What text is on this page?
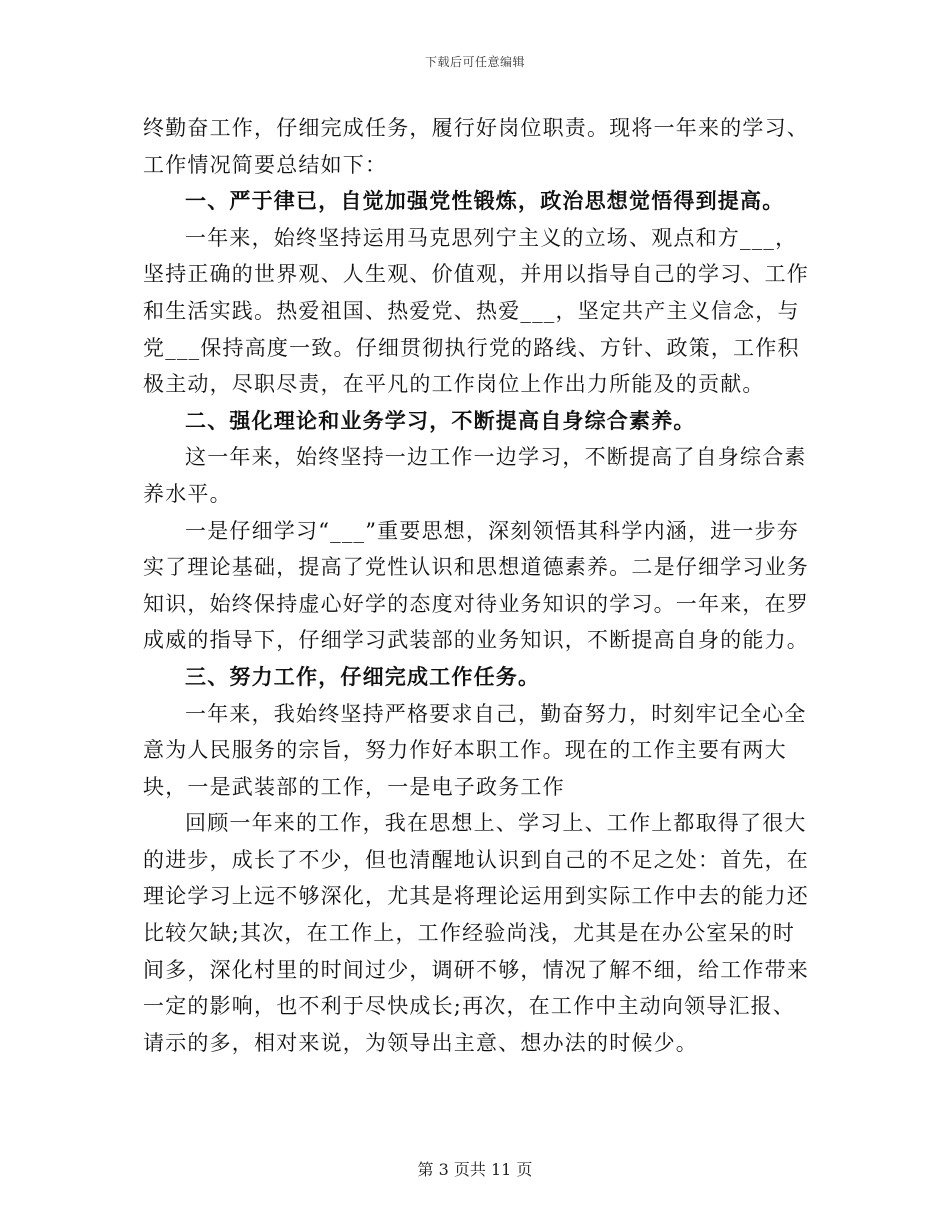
下载后可任意编辑

终勤奋工作，仔细完成任务，履行好岗位职责。现将一年来的学习、工作情况简要总结如下：

一、严于律已，自觉加强党性锻炼，政治思想觉悟得到提高。

一年来，始终坚持运用马克思列宁主义的立场、观点和方___，坚持正确的世界观、人生观、价值观，并用以指导自己的学习、工作和生活实践。热爱祖国、热爱党、热爱___，坚定共产主义信念，与党___保持高度一致。仔细贯彻执行党的路线、方针、政策，工作积极主动，尽职尽责，在平凡的工作岗位上作出力所能及的贡献。

二、强化理论和业务学习，不断提高自身综合素养。

这一年来，始终坚持一边工作一边学习，不断提高了自身综合素养水平。

一是仔细学习“___”重要思想，深刻领悟其科学内涵，进一步夯实了理论基础，提高了党性认识和思想道德素养。二是仔细学习业务知识，始终保持虚心好学的态度对待业务知识的学习。一年来，在罗成威的指导下，仔细学习武装部的业务知识，不断提高自身的能力。

三、努力工作，仔细完成工作任务。

一年来，我始终坚持严格要求自己，勤奋努力，时刻牢记全心全意为人民服务的宗旨，努力作好本职工作。现在的工作主要有两大块，一是武装部的工作，一是电子政务工作

回顾一年来的工作，我在思想上、学习上、工作上都取得了很大的进步，成长了不少，但也清醒地认识到自己的不足之处：首先，在理论学习上远不够深化，尤其是将理论运用到实际工作中去的能力还比较欠缺;其次，在工作上，工作经验尚浅，尤其是在办公室呆的时间多，深化村里的时间过少，调研不够，情况了解不细，给工作带来一定的影响，也不利于尽快成长;再次，在工作中主动向领导汇报、请示的多，相对来说，为领导出主意、想办法的时候少。

第 3 页共 11 页
